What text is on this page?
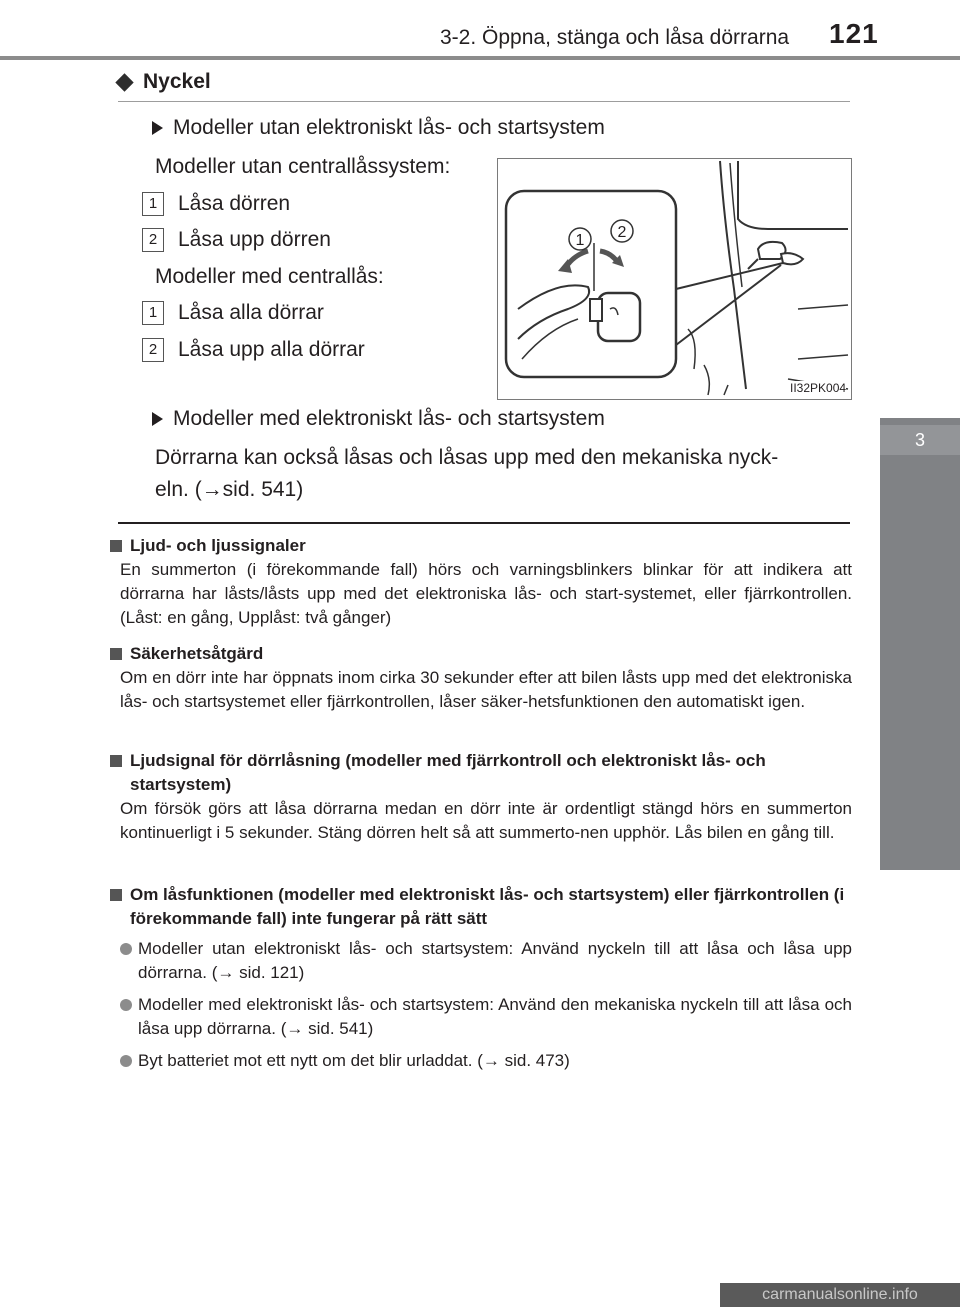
3-2. Öppna, stänga och låsa dörrarna 121
3
Funktionen hos respektive komponent
Nyckel
Modeller utan elektroniskt lås- och startsystem
Modeller utan centrallåssystem:
1 Låsa dörren
2 Låsa upp dörren
Modeller med centrallås:
1 Låsa alla dörrar
2 Låsa upp alla dörrar
1 2
II32PK004
Modeller med elektroniskt lås- och startsystem
Dörrarna kan också låsas och låsas upp med den mekaniska nyck-
eln. (→sid. 541)
Ljud- och ljussignaler
En summerton (i förekommande fall) hörs och varningsblinkers blinkar för att indikera att dörrarna har låsts/låsts upp med det elektroniska lås- och start-systemet, eller fjärrkontrollen. (Låst: en gång, Upplåst: två gånger)
Säkerhetsåtgärd
Om en dörr inte har öppnats inom cirka 30 sekunder efter att bilen låsts upp med det elektroniska lås- och startsystemet eller fjärrkontrollen, låser säker-hetsfunktionen den automatiskt igen.
Ljudsignal för dörrlåsning (modeller med fjärrkontroll och elektroniskt lås- och startsystem)
Om försök görs att låsa dörrarna medan en dörr inte är ordentligt stängd hörs en summerton kontinuerligt i 5 sekunder. Stäng dörren helt så att summerto-nen upphör. Lås bilen en gång till.
Om låsfunktionen (modeller med elektroniskt lås- och startsystem) eller fjärrkontrollen (i förekommande fall) inte fungerar på rätt sätt
Modeller utan elektroniskt lås- och startsystem: Använd nyckeln till att låsa och låsa upp dörrarna. (→ sid. 121)
Modeller med elektroniskt lås- och startsystem: Använd den mekaniska nyckeln till att låsa och låsa upp dörrarna. (→ sid. 541)
Byt batteriet mot ett nytt om det blir urladdat. (→ sid. 473)
carmanualsonline.info
